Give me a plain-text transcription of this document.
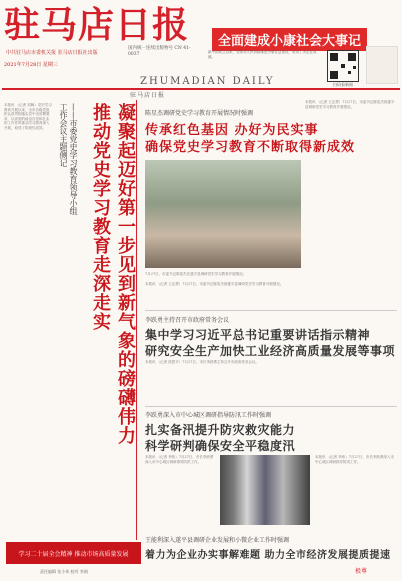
驻马店日报
中共驻马店市委机关报 驻马店日报社出版
国内统一连续出版物号 CN 41-0037
2021年7月28日 星期三
ZHUMADIAN DAILY
驻马店日报
全面建成小康社会大事记
新中国成立以来，党领导人民持续推进小康社会建设，取得了决定性成就。
扫码看新闻
凝聚起迈好第一步见到新气象的磅礴伟力
推动党史学习教育走深走实
——市委党史学习教育领导小组
工作会议主题侧记
本报讯 （记者 刘畅）党史学习教育开展以来，全市各级党组织认真贯彻落实党中央部署要求，以高度的政治自觉和扎实的工作作风推动学习教育深入开展，取得了阶段性成效。
陈星杰调研党史学习教育开展情况时强调
传承红色基因 办好为民实事
确保党史学习教育不断取得新成效
7月27日，市委书记陈星杰在遂平县调研党史学习教育开展情况。
本报讯 （记者 王志勇）7月27日，市委书记陈星杰到遂平县调研党史学习教育开展情况。
本报讯 （记者 王志勇）7月27日，市委书记陈星杰到遂平县调研党史学习教育开展情况。
李跃勇主持召开市政府常务会议
集中学习习近平总书记重要讲话指示精神
研究安全生产加快工业经济高质量发展等事项
本报讯 （记者 段思平）7月27日，市长李跃勇主持召开市政府常务会议。
李跃勇深入市中心城区调研指导防汛工作时强调
扎实备汛提升防灾救灾能力
科学研判确保安全平稳度汛
本报讯 （记者 李伟）7月27日，市长李跃勇深入市中心城区调研指导防汛工作。
本报讯 （记者 李伟）7月27日，市长李跃勇深入市中心城区调研指导防汛工作。
王能利深入遂平县调研企业发展和小微企业工作时强调
着力为企业办实事解难题 助力全市经济发展提质提速
学习二十届全会精神 推动市场高质量发展
责任编辑 张小伟 校对 李刚	极尊
